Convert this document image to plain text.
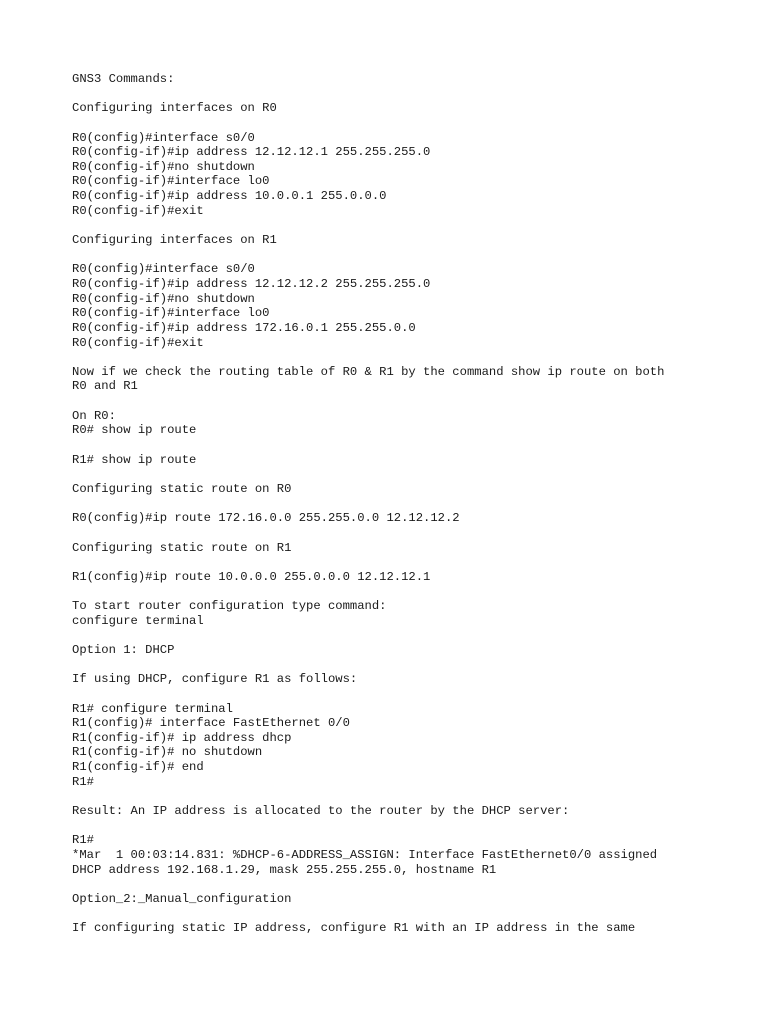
GNS3 Commands:
Configuring interfaces on R0
R0(config)#interface s0/0
R0(config-if)#ip address 12.12.12.1 255.255.255.0
R0(config-if)#no shutdown
R0(config-if)#interface lo0
R0(config-if)#ip address 10.0.0.1 255.0.0.0
R0(config-if)#exit
Configuring interfaces on R1
R0(config)#interface s0/0
R0(config-if)#ip address 12.12.12.2 255.255.255.0
R0(config-if)#no shutdown
R0(config-if)#interface lo0
R0(config-if)#ip address 172.16.0.1 255.255.0.0
R0(config-if)#exit
Now if we check the routing table of R0 & R1 by the command show ip route on both
R0 and R1
On R0:
R0# show ip route
R1# show ip route
Configuring static route on R0
R0(config)#ip route 172.16.0.0 255.255.0.0 12.12.12.2
Configuring static route on R1
R1(config)#ip route 10.0.0.0 255.0.0.0 12.12.12.1
To start router configuration type command:
configure terminal
Option 1: DHCP
If using DHCP, configure R1 as follows:
R1# configure terminal
R1(config)# interface FastEthernet 0/0
R1(config-if)# ip address dhcp
R1(config-if)# no shutdown
R1(config-if)# end
R1#
Result: An IP address is allocated to the router by the DHCP server:
R1#
*Mar  1 00:03:14.831: %DHCP-6-ADDRESS_ASSIGN: Interface FastEthernet0/0 assigned
DHCP address 192.168.1.29, mask 255.255.255.0, hostname R1
Option_2:_Manual_configuration
If configuring static IP address, configure R1 with an IP address in the same
